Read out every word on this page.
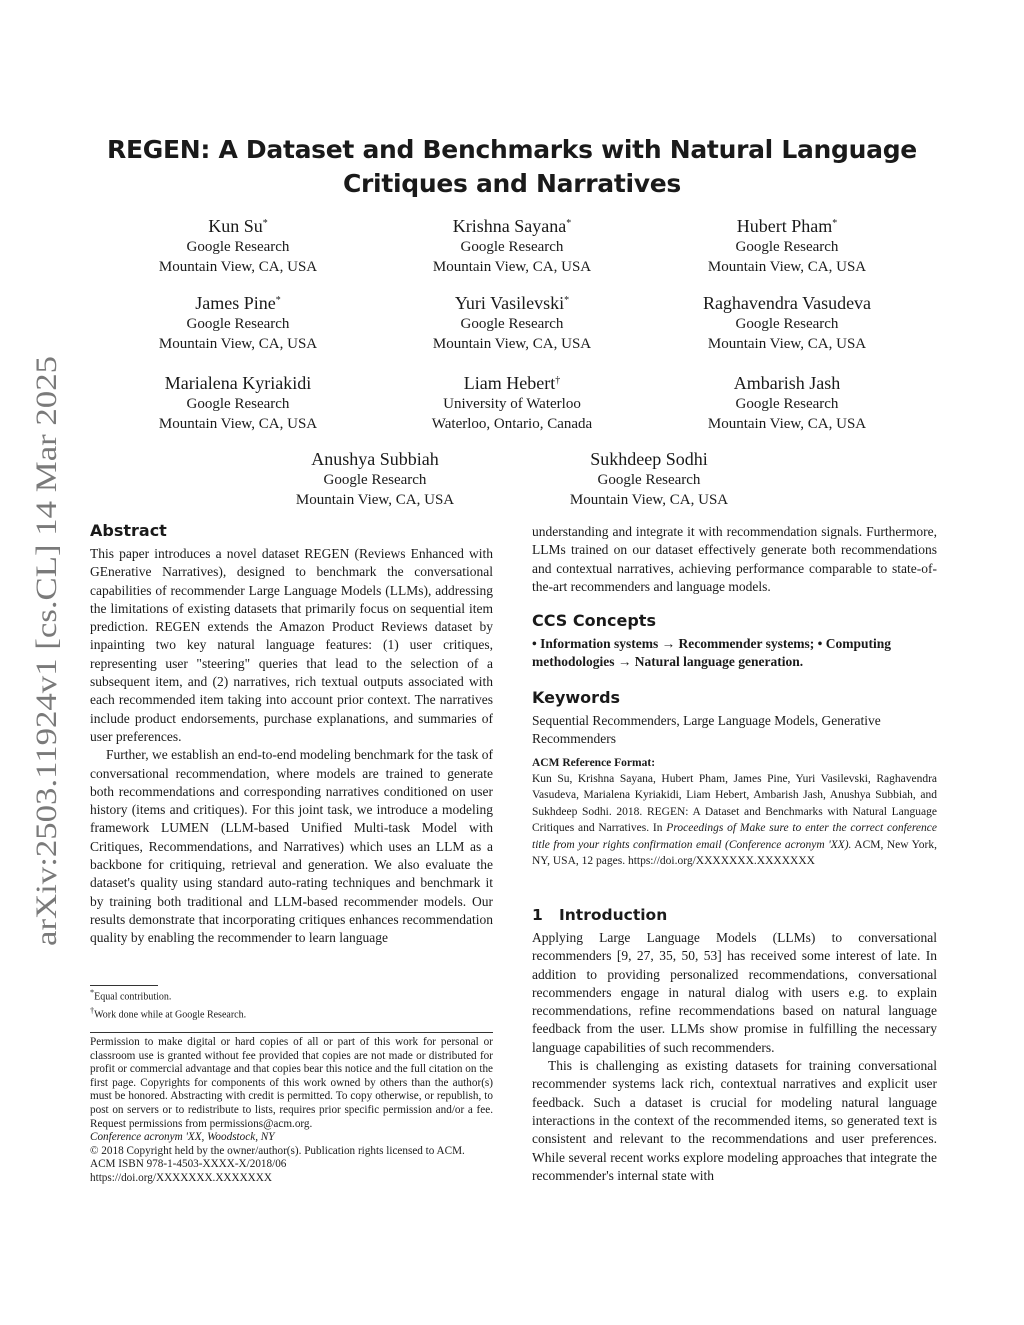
arXiv:2503.11924v1 [cs.CL] 14 Mar 2025
REGEN: A Dataset and Benchmarks with Natural Language
Critiques and Narratives
Kun Su*
Google Research
Mountain View, CA, USA
Krishna Sayana*
Google Research
Mountain View, CA, USA
Hubert Pham*
Google Research
Mountain View, CA, USA
James Pine*
Google Research
Mountain View, CA, USA
Yuri Vasilevski*
Google Research
Mountain View, CA, USA
Raghavendra Vasudeva
Google Research
Mountain View, CA, USA
Marialena Kyriakidi
Google Research
Mountain View, CA, USA
Liam Hebert†
University of Waterloo
Waterloo, Ontario, Canada
Ambarish Jash
Google Research
Mountain View, CA, USA
Anushya Subbiah
Google Research
Mountain View, CA, USA
Sukhdeep Sodhi
Google Research
Mountain View, CA, USA
Abstract

This paper introduces a novel dataset REGEN (Reviews Enhanced with GEnerative Narratives), designed to benchmark the conversational capabilities of recommender Large Language Models (LLMs), addressing the limitations of existing datasets that primarily focus on sequential item prediction. REGEN extends the Amazon Product Reviews dataset by inpainting two key natural language features: (1) user critiques, representing user "steering" queries that lead to the selection of a subsequent item, and (2) narratives, rich textual outputs associated with each recommended item taking into account prior context. The narratives include product endorsements, purchase explanations, and summaries of user preferences.

Further, we establish an end-to-end modeling benchmark for the task of conversational recommendation, where models are trained to generate both recommendations and corresponding narratives conditioned on user history (items and critiques). For this joint task, we introduce a modeling framework LUMEN (LLM-based Unified Multi-task Model with Critiques, Recommendations, and Narratives) which uses an LLM as a backbone for critiquing, retrieval and generation. We also evaluate the dataset's quality using standard auto-rating techniques and benchmark it by training both traditional and LLM-based recommender models. Our results demonstrate that incorporating critiques enhances recommendation quality by enabling the recommender to learn language

*Equal contribution.
†Work done while at Google Research.
Permission to make digital or hard copies of all or part of this work for personal or classroom use is granted without fee provided that copies are not made or distributed for profit or commercial advantage and that copies bear this notice and the full citation on the first page. Copyrights for components of this work owned by others than the author(s) must be honored. Abstracting with credit is permitted. To copy otherwise, or republish, to post on servers or to redistribute to lists, requires prior specific permission and/or a fee. Request permissions from permissions@acm.org.
Conference acronym 'XX, Woodstock, NY
© 2018 Copyright held by the owner/author(s). Publication rights licensed to ACM.
ACM ISBN 978-1-4503-XXXX-X/2018/06
https://doi.org/XXXXXXX.XXXXXXX

understanding and integrate it with recommendation signals. Furthermore, LLMs trained on our dataset effectively generate both recommendations and contextual narratives, achieving performance comparable to state-of-the-art recommenders and language models.

CCS Concepts
• Information systems → Recommender systems; • Computing methodologies → Natural language generation.
Keywords
Sequential Recommenders, Large Language Models, Generative Recommenders
ACM Reference Format:
Kun Su, Krishna Sayana, Hubert Pham, James Pine, Yuri Vasilevski, Raghavendra Vasudeva, Marialena Kyriakidi, Liam Hebert, Ambarish Jash, Anushya Subbiah, and Sukhdeep Sodhi. 2018. REGEN: A Dataset and Benchmarks with Natural Language Critiques and Narratives. In Proceedings of Make sure to enter the correct conference title from your rights confirmation email (Conference acronym 'XX). ACM, New York, NY, USA, 12 pages. https://doi.org/XXXXXXX.XXXXXXX
1 Introduction

Applying Large Language Models (LLMs) to conversational recommenders [9, 27, 35, 50, 53] has received some interest of late. In addition to providing personalized recommendations, conversational recommenders engage in natural dialog with users e.g. to explain recommendations, refine recommendations based on natural language feedback from the user. LLMs show promise in fulfilling the necessary language capabilities of such recommenders.

This is challenging as existing datasets for training conversational recommender systems lack rich, contextual narratives and explicit user feedback. Such a dataset is crucial for modeling natural language interactions in the context of the recommended items, so generated text is consistent and relevant to the recommendations and user preferences. While several recent works explore modeling approaches that integrate the recommender's internal state with
